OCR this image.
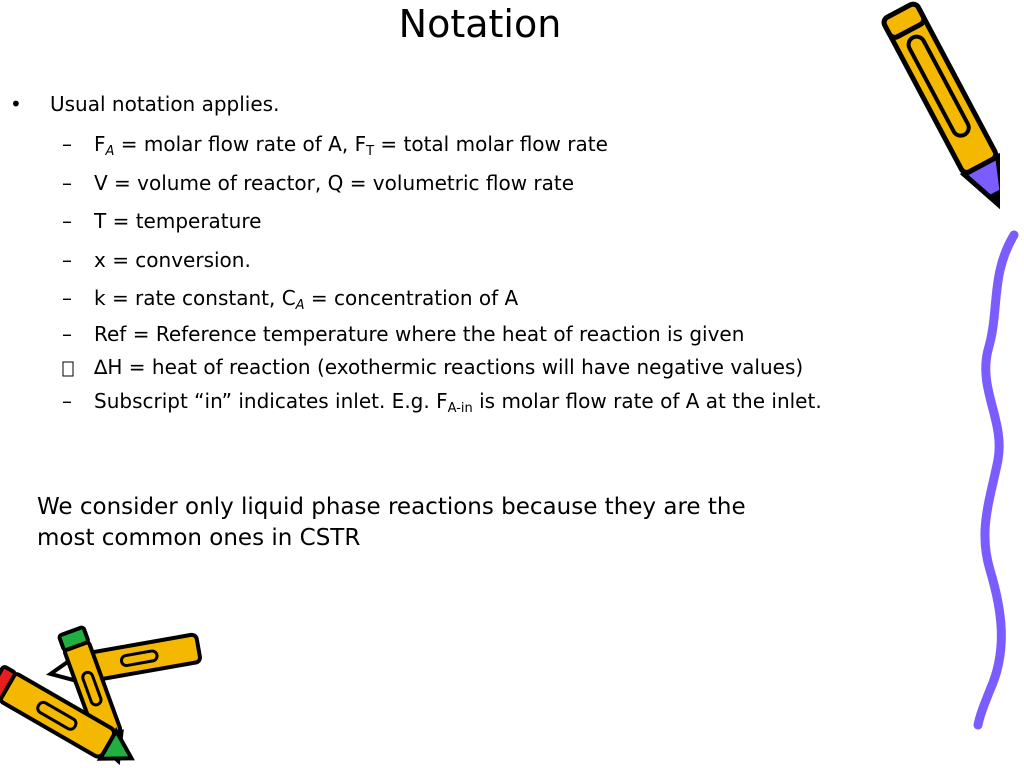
Notation
• Usual notation applies.
– $F_A$ = molar flow rate of A, $F_T$ = total molar flow rate
– V = volume of reactor, Q = volumetric flow rate
– T = temperature
– x = conversion.
– k = rate constant, $C_A$ = concentration of A
– Ref = Reference temperature where the heat of reaction is given
∆H = heat of reaction (exothermic reactions will have negative values)
– Subscript “in” indicates inlet. E.g. $F_{A-in}$ is molar flow rate of A at the inlet.
We consider only liquid phase reactions because they are the most common ones in CSTR
